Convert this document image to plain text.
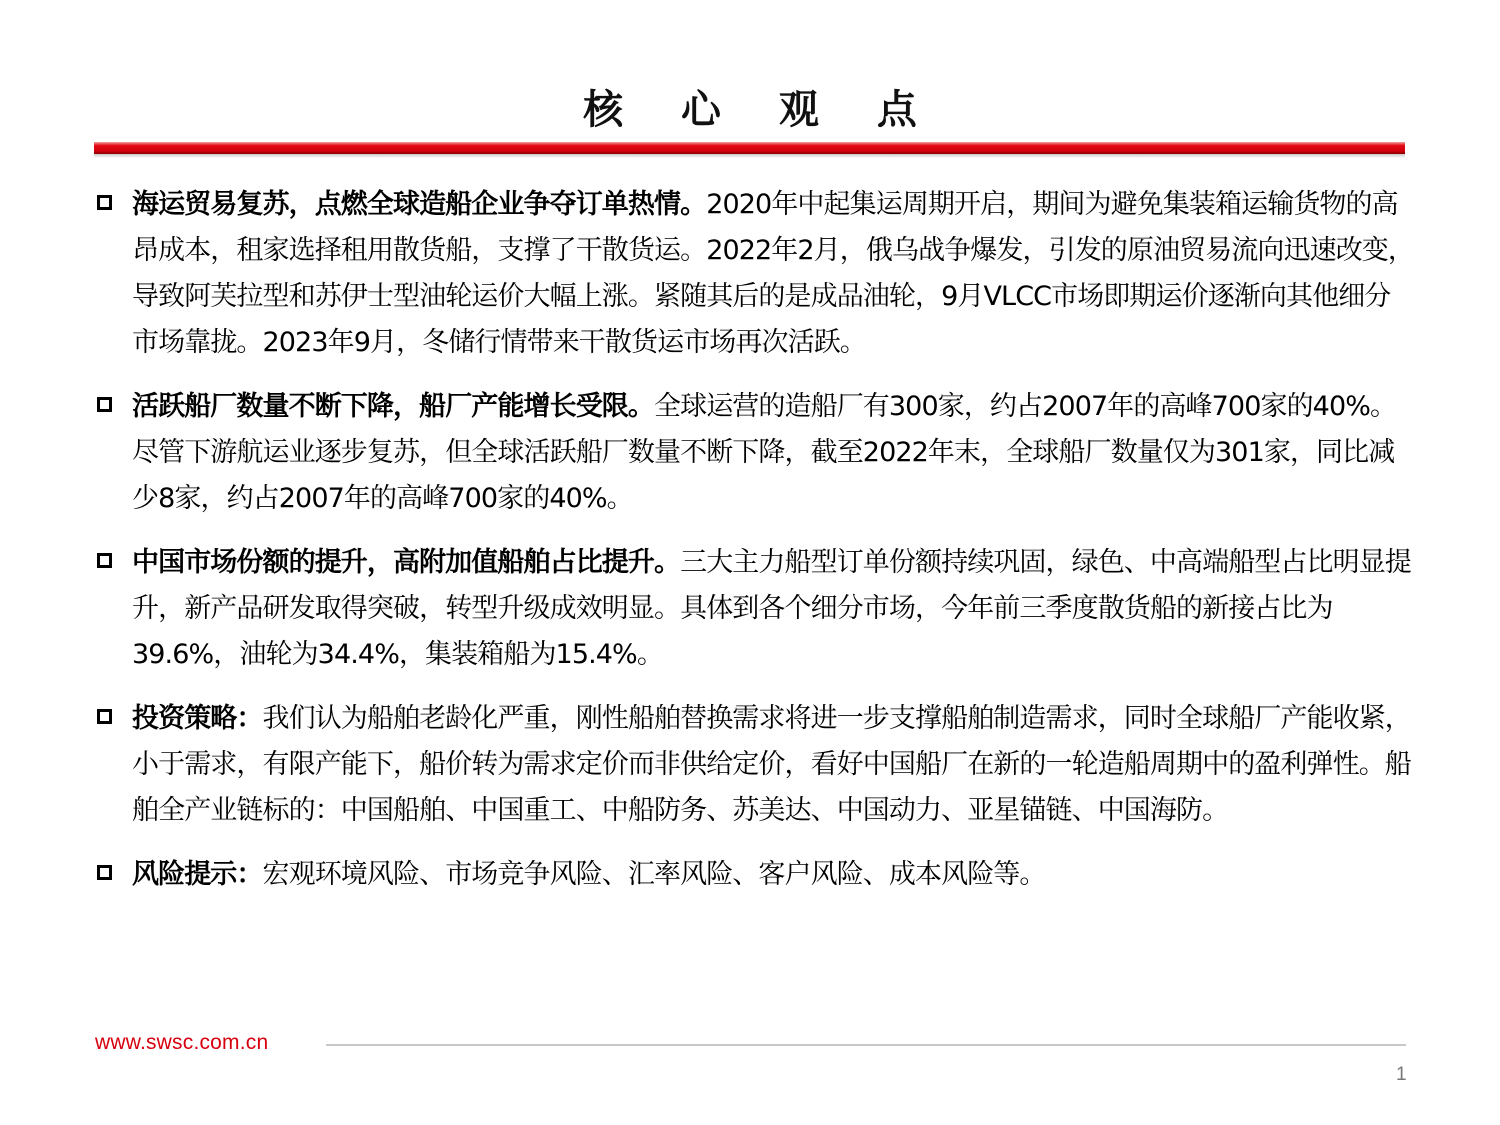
核 心 观 点

海运贸易复苏，点燃全球造船企业争夺订单热情。2020年中起集运周期开启，期间为避免集装箱运输货物的高昂成本，租家选择租用散货船，支撑了干散货运。2022年2月，俄乌战争爆发，引发的原油贸易流向迅速改变，导致阿芙拉型和苏伊士型油轮运价大幅上涨。紧随其后的是成品油轮，9月VLCC市场即期运价逐渐向其他细分市场靠拢。2023年9月，冬储行情带来干散货运市场再次活跃。

活跃船厂数量不断下降，船厂产能增长受限。全球运营的造船厂有300家，约占2007年的高峰700家的40%。尽管下游航运业逐步复苏，但全球活跃船厂数量不断下降，截至2022年末，全球船厂数量仅为301家，同比减少8家，约占2007年的高峰700家的40%。

中国市场份额的提升，高附加值船舶占比提升。三大主力船型订单份额持续巩固，绿色、中高端船型占比明显提升，新产品研发取得突破，转型升级成效明显。具体到各个细分市场，今年前三季度散货船的新接占比为39.6%，油轮为34.4%，集装箱船为15.4%。

投资策略：我们认为船舶老龄化严重，刚性船舶替换需求将进一步支撑船舶制造需求，同时全球船厂产能收紧，小于需求，有限产能下，船价转为需求定价而非供给定价，看好中国船厂在新的一轮造船周期中的盈利弹性。船舶全产业链标的：中国船舶、中国重工、中船防务、苏美达、中国动力、亚星锚链、中国海防。

风险提示：宏观环境风险、市场竞争风险、汇率风险、客户风险、成本风险等。

www.swsc.com.cn
1
